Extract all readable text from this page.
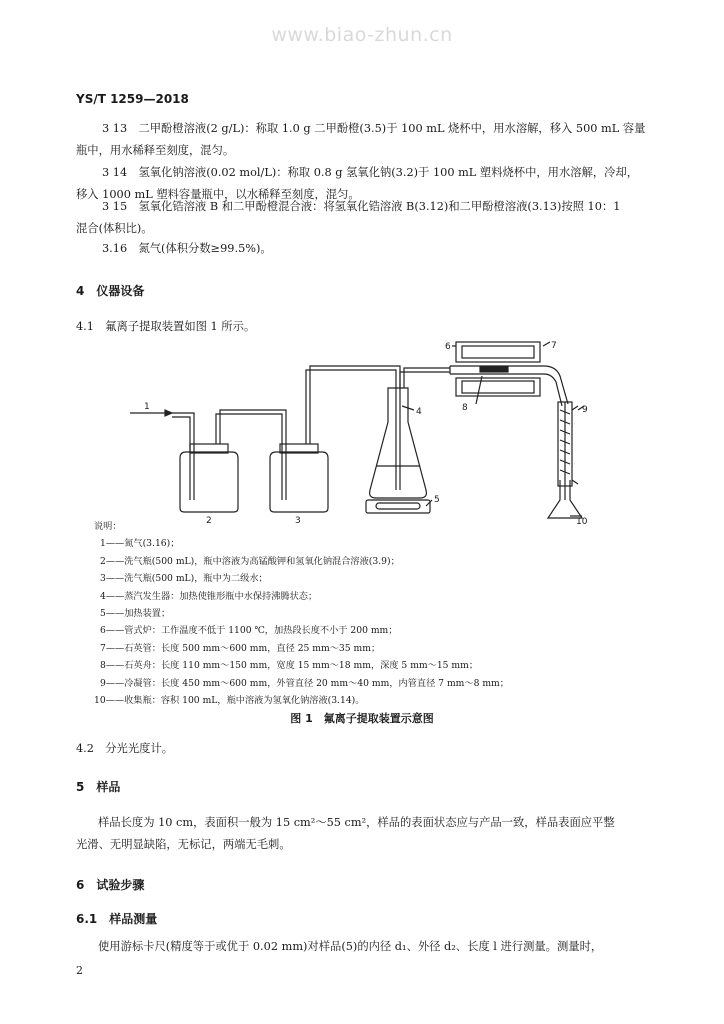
www.biao-zhun.cn
YS/T 1259—2018
3 13　二甲酚橙溶液(2 g/L)：称取 1.0 g 二甲酚橙(3.5)于 100 mL 烧杯中，用水溶解，移入 500 mL 容量
瓶中，用水稀释至刻度，混匀。
3 14　氢氧化钠溶液(0.02 mol/L)：称取 0.8 g 氢氧化钠(3.2)于 100 mL 塑料烧杯中，用水溶解，冷却，
移入 1000 mL 塑料容量瓶中，以水稀释至刻度，混匀。
3 15　氢氧化锆溶液 B 和二甲酚橙混合液：将氢氧化锆溶液 B(3.12)和二甲酚橙溶液(3.13)按照 10：1
混合(体积比)。
3.16　氮气(体积分数≥99.5%)。
4　仪器设备
4.1　氟离子提取装置如图 1 所示。
1
2	3
4
5
6	7
8	9
10
说明：
1——氮气(3.16)；
2——洗气瓶(500 mL)，瓶中溶液为高锰酸钾和氢氧化钠混合溶液(3.9)；
3——洗气瓶(500 mL)，瓶中为二级水；
4——蒸汽发生器：加热使锥形瓶中水保持沸腾状态；
5——加热装置；
6——管式炉：工作温度不低于 1100 ℃，加热段长度不小于 200 mm；
7——石英管：长度 500 mm～600 mm，直径 25 mm～35 mm；
8——石英舟：长度 110 mm～150 mm，宽度 15 mm～18 mm，深度 5 mm～15 mm；
9——冷凝管：长度 450 mm～600 mm，外管直径 20 mm～40 mm，内管直径 7 mm～8 mm；
10——收集瓶：容积 100 mL，瓶中溶液为氢氧化钠溶液(3.14)。
图 1　氟离子提取装置示意图
4.2　分光光度计。
5　样品
样品长度为 10 cm，表面积一般为 15 cm²～55 cm²，样品的表面状态应与产品一致，样品表面应平整
光滑、无明显缺陷，无标记，两端无毛刺。
6　试验步骤
6.1　样品测量
使用游标卡尺(精度等于或优于 0.02 mm)对样品(5)的内径 d₁、外径 d₂、长度 l 进行测量。测量时，
2
